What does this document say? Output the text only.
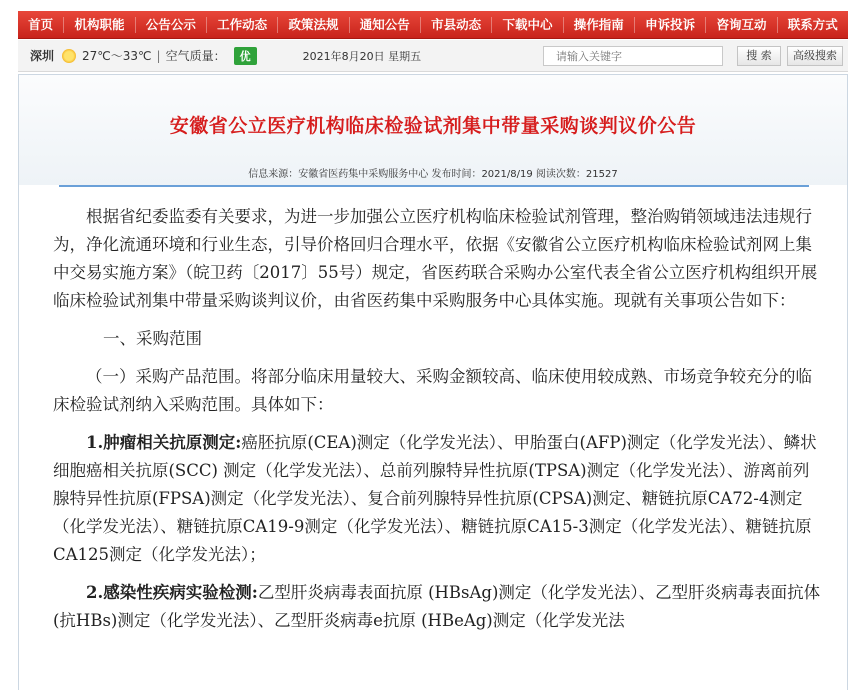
首页	机构职能	公告公示	工作动态	政策法规	通知公告	市县动态	下载中心	操作指南	申诉投诉	咨询互动	联系方式
深圳 27℃～33℃ | 空气质量：	优	2021年8月20日 星期五
请输入关键字	搜 索	高级搜索
安徽省公立医疗机构临床检验试剂集中带量采购谈判议价公告
信息来源：安徽省医药集中采购服务中心 发布时间：2021/8/19 阅读次数：21527

根据省纪委监委有关要求，为进一步加强公立医疗机构临床检验试剂管理，整治购销领域违法违规行为，净化流通环境和行业生态，引导价格回归合理水平，依据《安徽省公立医疗机构临床检验试剂网上集中交易实施方案》（皖卫药〔2017〕55号）规定，省医药联合采购办公室代表全省公立医疗机构组织开展临床检验试剂集中带量采购谈判议价，由省医药集中采购服务中心具体实施。现就有关事项公告如下：

一、采购范围

（一）采购产品范围。将部分临床用量较大、采购金额较高、临床使用较成熟、市场竞争较充分的临床检验试剂纳入采购范围。具体如下：

1.肿瘤相关抗原测定:癌胚抗原(CEA)测定（化学发光法）、甲胎蛋白(AFP)测定（化学发光法）、鳞状细胞癌相关抗原(SCC) 测定（化学发光法）、总前列腺特异性抗原(TPSA)测定（化学发光法）、游离前列腺特异性抗原(FPSA)测定（化学发光法）、复合前列腺特异性抗原(CPSA)测定、糖链抗原CA72-4测定（化学发光法）、糖链抗原CA19-9测定（化学发光法）、糖链抗原CA15-3测定（化学发光法）、糖链抗原CA125测定（化学发光法）；

2.感染性疾病实验检测:乙型肝炎病毒表面抗原 (HBsAg)测定（化学发光法）、乙型肝炎病毒表面抗体 (抗HBs)测定（化学发光法）、乙型肝炎病毒e抗原 (HBeAg)测定（化学发光法
